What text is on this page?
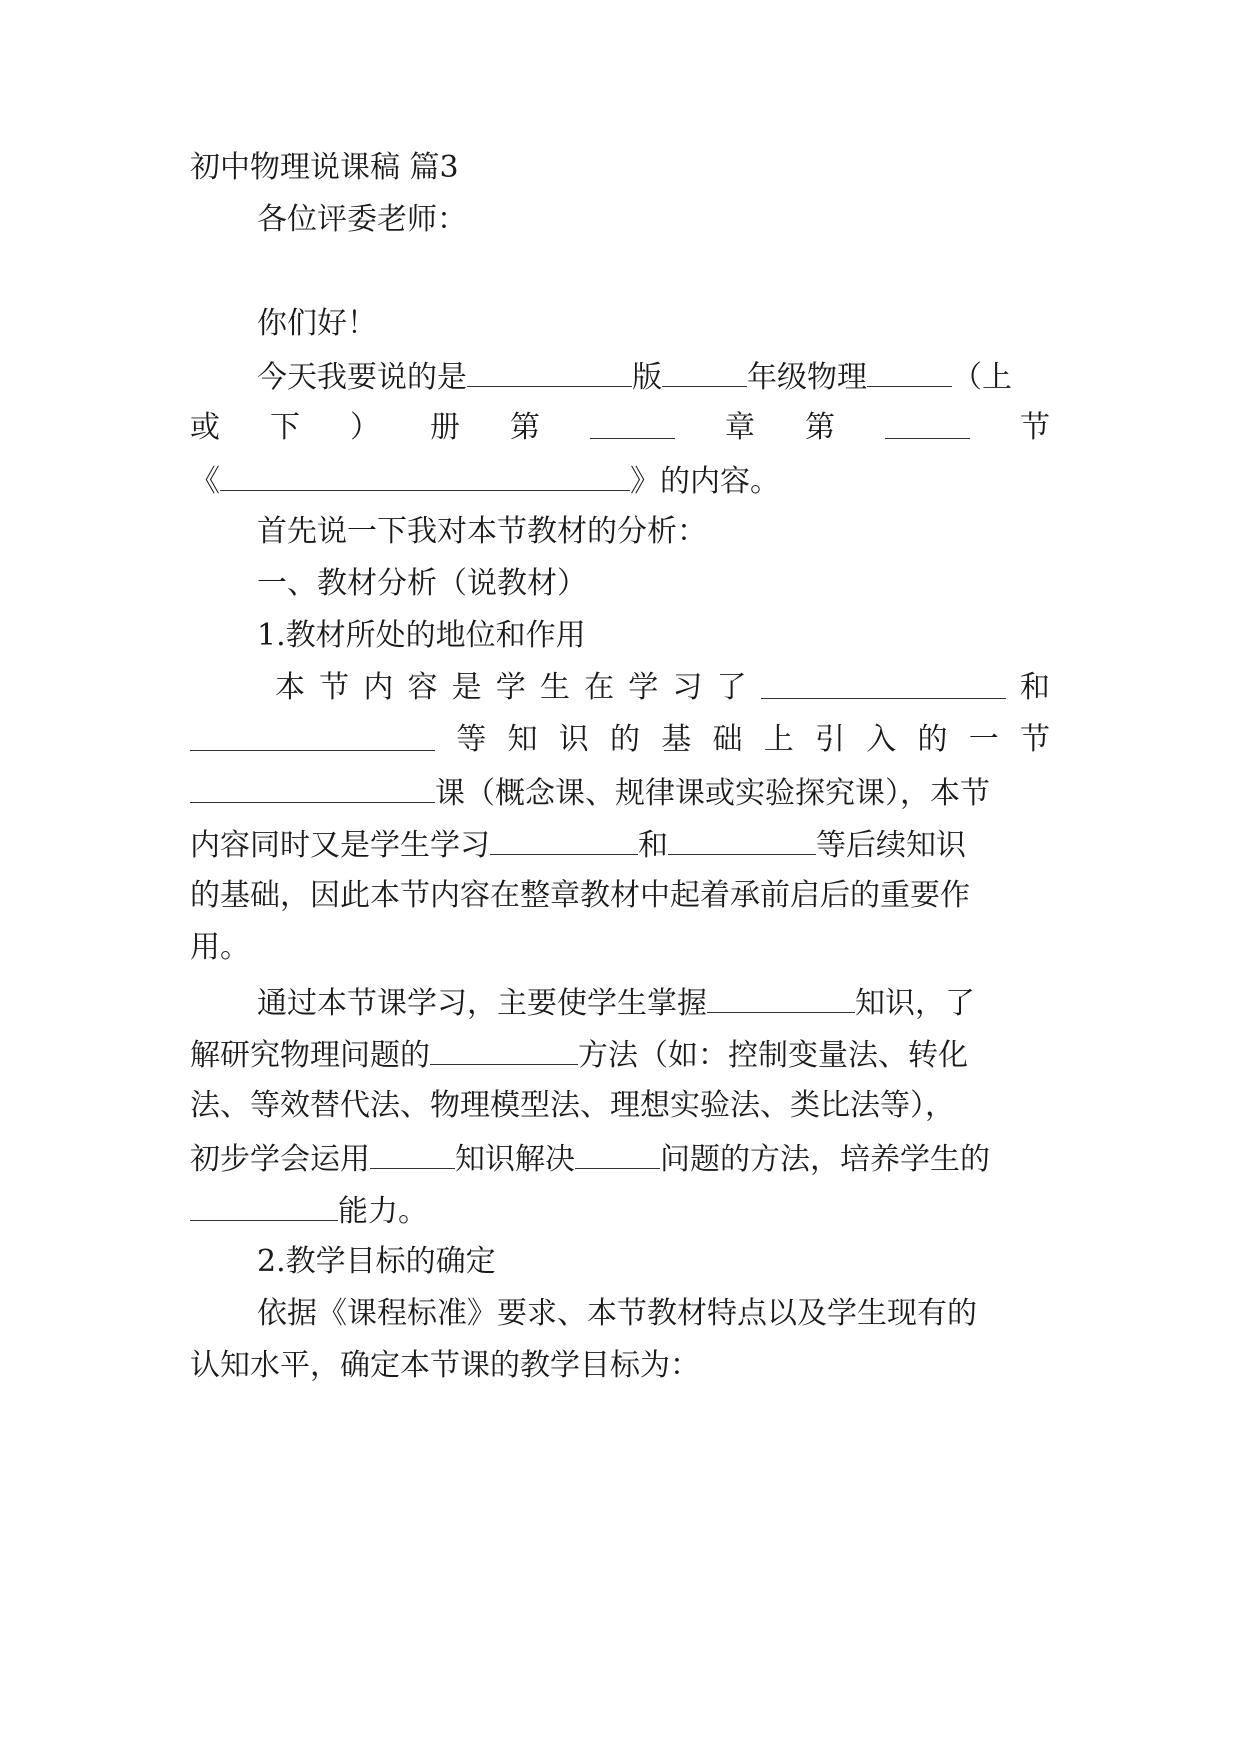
初中物理说课稿 篇3
各位评委老师：
你们好！
今天我要说的是	版	年级物理	（上
或 下 ） 册 第	章 第	节
《	》的内容。
首先说一下我对本节教材的分析：
一、教材分析（说教材）
1.教材所处的地位和作用
本 节 内 容 是 学 生 在 学 习 了	和
等 知 识 的 基 础 上 引 入 的 一 节
课（概念课、规律课或实验探究课），本节
内容同时又是学生学习	和	等后续知识
的基础，因此本节内容在整章教材中起着承前启后的重要作
用。
通过本节课学习，主要使学生掌握	知识，了
解研究物理问题的	方法（如：控制变量法、转化
法、等效替代法、物理模型法、理想实验法、类比法等），
初步学会运用	知识解决	问题的方法，培养学生的
能力。
2.教学目标的确定
依据《课程标准》要求、本节教材特点以及学生现有的
认知水平，确定本节课的教学目标为：
